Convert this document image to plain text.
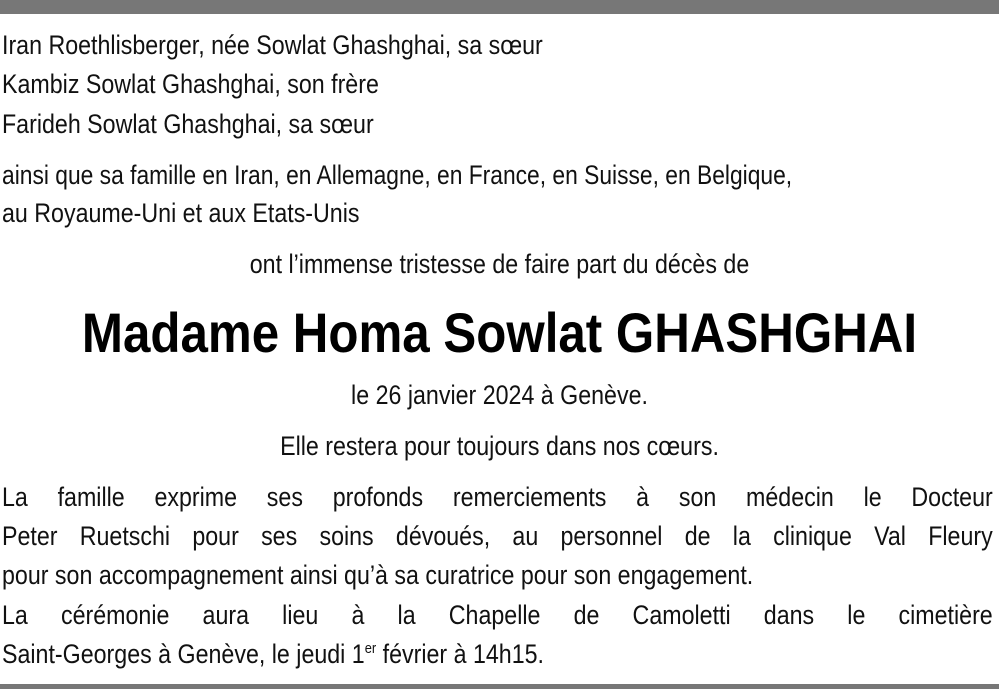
Iran Roethlisberger, née Sowlat Ghashghai, sa sœur
Kambiz Sowlat Ghashghai, son frère
Farideh Sowlat Ghashghai, sa sœur
ainsi que sa famille en Iran, en Allemagne, en France, en Suisse, en Belgique,
au Royaume-Uni et aux Etats-Unis
ont l’immense tristesse de faire part du décès de
Madame Homa Sowlat GHASHGHAI
le 26 janvier 2024 à Genève.
Elle restera pour toujours dans nos cœurs.
La famille exprime ses profonds remerciements à son médecin le Docteur
Peter Ruetschi pour ses soins dévoués, au personnel de la clinique Val Fleury
pour son accompagnement ainsi qu’à sa curatrice pour son engagement.
La cérémonie aura lieu à la Chapelle de Camoletti dans le cimetière
Saint-Georges à Genève, le jeudi 1er février à 14h15.
